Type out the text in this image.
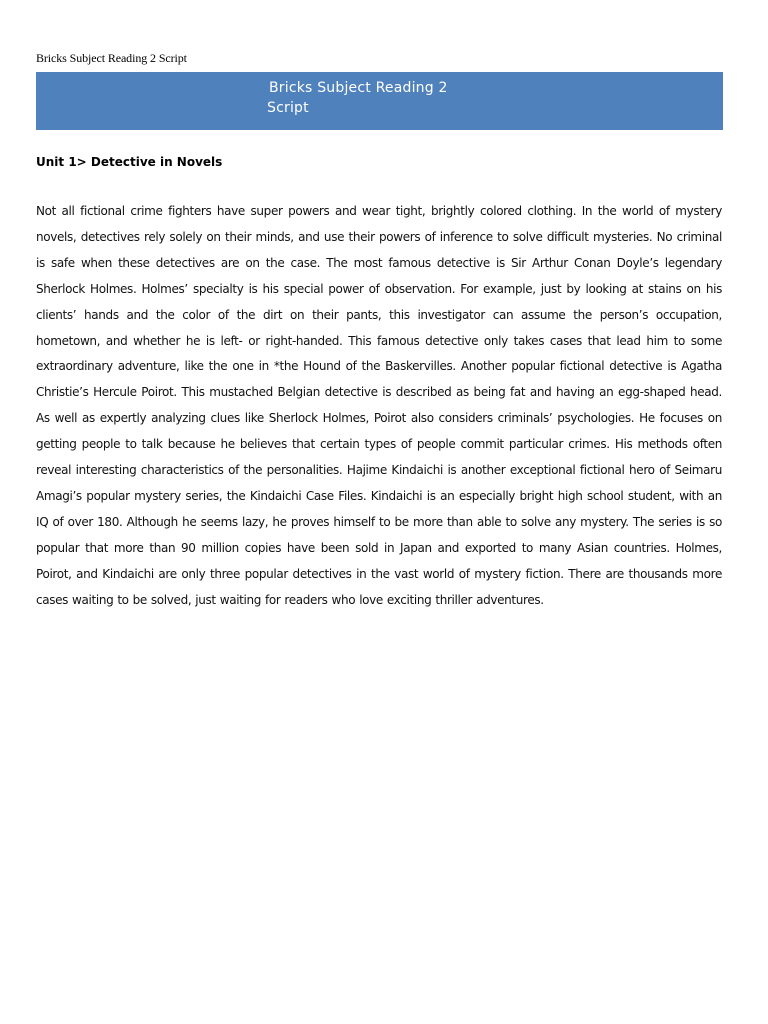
Bricks Subject Reading 2 Script
Bricks Subject Reading 2
Script
Unit 1> Detective in Novels

Not all fictional crime fighters have super powers and wear tight, brightly colored clothing. In the world of mystery novels, detectives rely solely on their minds, and use their powers of inference to solve difficult mysteries. No criminal is safe when these detectives are on the case. The most famous detective is Sir Arthur Conan Doyle’s legendary Sherlock Holmes. Holmes’ specialty is his special power of observation. For example, just by looking at stains on his clients’ hands and the color of the dirt on their pants, this investigator can assume the person’s occupation, hometown, and whether he is left- or right-handed. This famous detective only takes cases that lead him to some extraordinary adventure, like the one in *the Hound of the Baskervilles. Another popular fictional detective is Agatha Christie’s Hercule Poirot. This mustached Belgian detective is described as being fat and having an egg-shaped head. As well as expertly analyzing clues like Sherlock Holmes, Poirot also considers criminals’ psychologies. He focuses on getting people to talk because he believes that certain types of people commit particular crimes. His methods often reveal interesting characteristics of the personalities. Hajime Kindaichi is another exceptional fictional hero of Seimaru Amagi’s popular mystery series, the Kindaichi Case Files. Kindaichi is an especially bright high school student, with an IQ of over 180. Although he seems lazy, he proves himself to be more than able to solve any mystery. The series is so popular that more than 90 million copies have been sold in Japan and exported to many Asian countries. Holmes, Poirot, and Kindaichi are only three popular detectives in the vast world of mystery fiction. There are thousands more cases waiting to be solved, just waiting for readers who love exciting thriller adventures.
